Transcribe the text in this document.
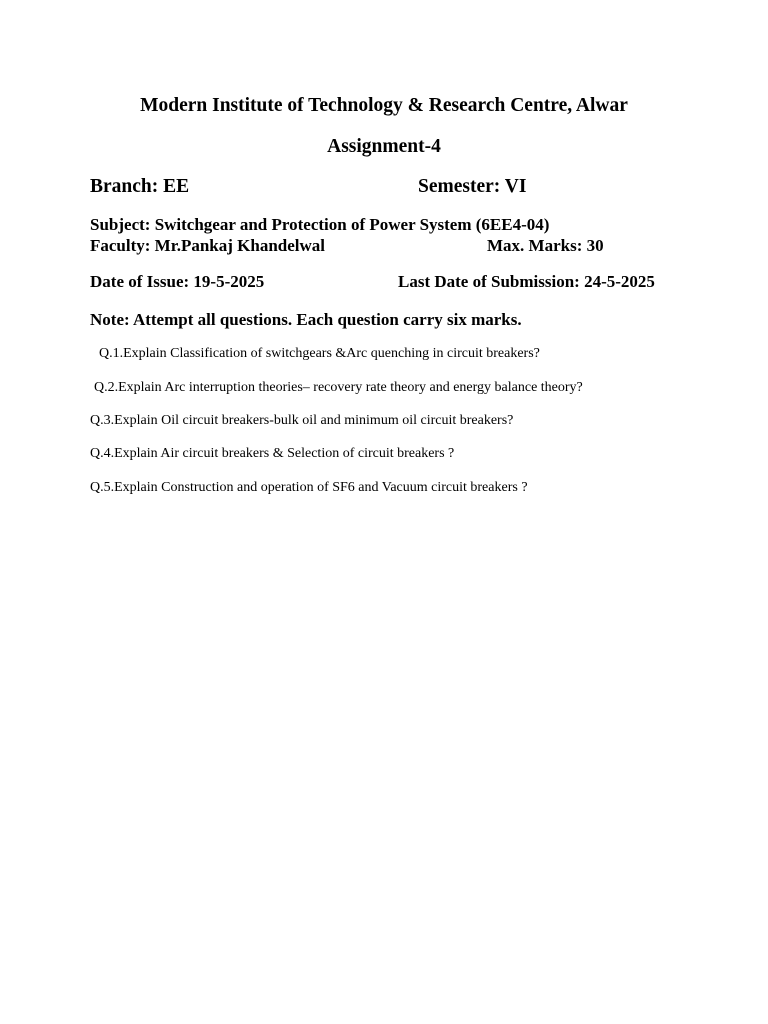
Modern Institute of Technology & Research Centre, Alwar
Assignment-4
Branch: EE	Semester: VI
Subject: Switchgear and Protection of Power System (6EE4-04)
Faculty: Mr.Pankaj Khandelwal	Max. Marks: 30
Date of Issue: 19-5-2025	Last Date of Submission: 24-5-2025
Note: Attempt all questions. Each question carry six marks.
Q.1.Explain Classification of switchgears &Arc quenching in circuit breakers?
Q.2.Explain Arc interruption theories– recovery rate theory and energy balance theory?
Q.3.Explain Oil circuit breakers-bulk oil and minimum oil circuit breakers?
Q.4.Explain Air circuit breakers & Selection of circuit breakers ?
Q.5.Explain Construction and operation of SF6 and Vacuum circuit breakers ?
